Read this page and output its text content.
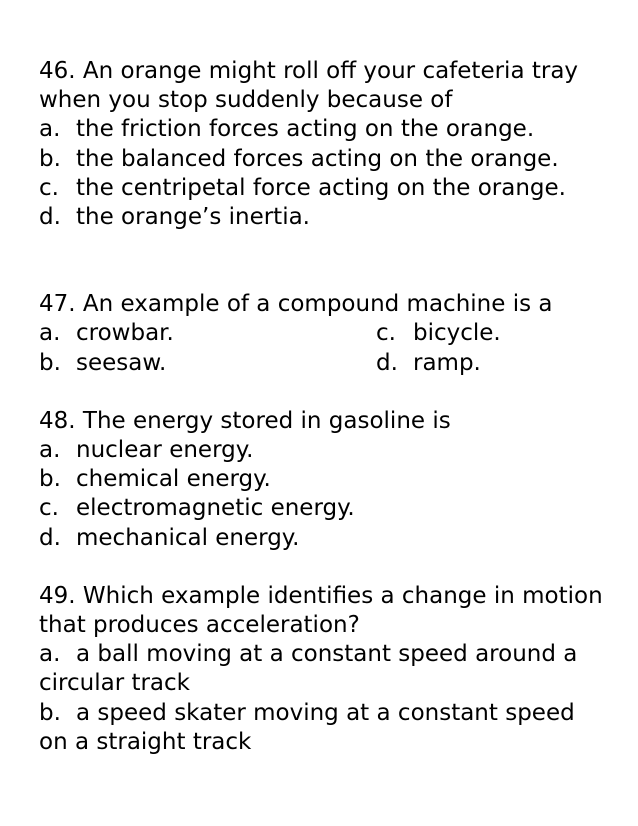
46. An orange might roll off your cafeteria tray when you stop suddenly because of
a. the friction forces acting on the orange.
b. the balanced forces acting on the orange.
c. the centripetal force acting on the orange.
d. the orange’s inertia.
47. An example of a compound machine is a
a. crowbar.	c. bicycle.
b. seesaw.	d. ramp.
48. The energy stored in gasoline is
a. nuclear energy.
b. chemical energy.
c. electromagnetic energy.
d. mechanical energy.
49. Which example identifies a change in motion that produces acceleration?
a. a ball moving at a constant speed around a circular track
b. a speed skater moving at a constant speed on a straight track
